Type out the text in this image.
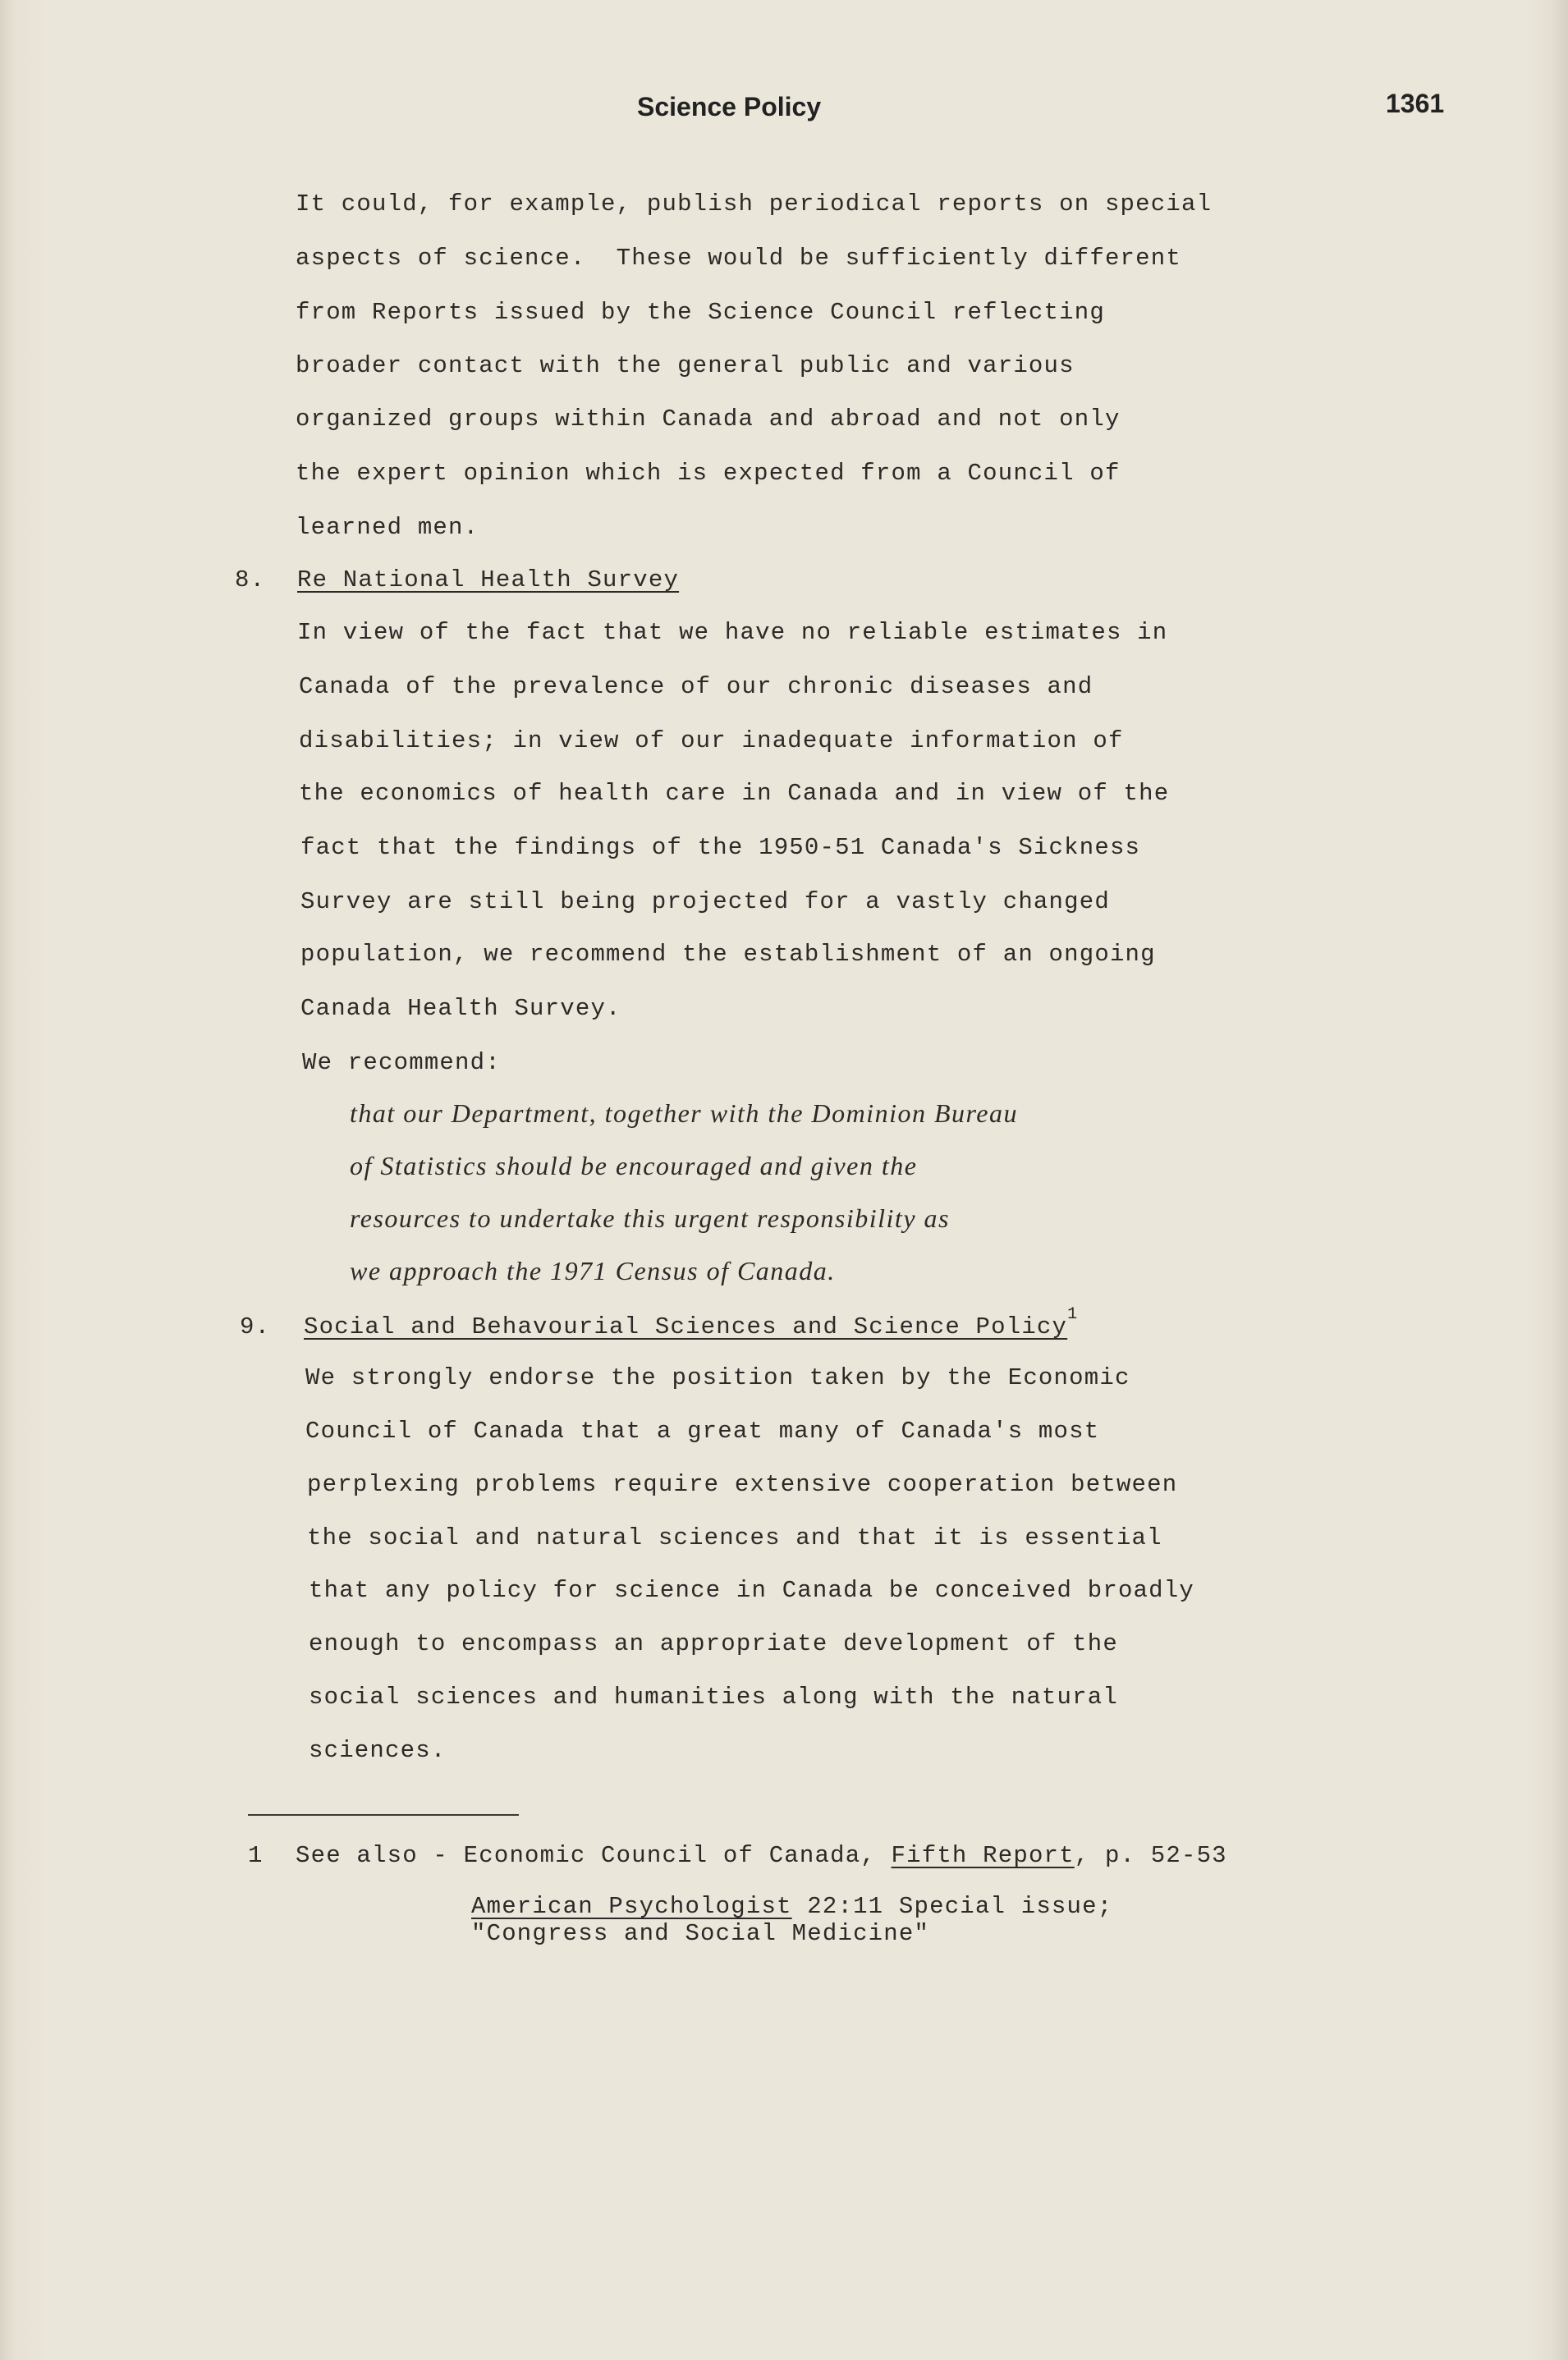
Science Policy	1361
It could, for example, publish periodical reports on special
aspects of science.  These would be sufficiently different
from Reports issued by the Science Council reflecting
broader contact with the general public and various
organized groups within Canada and abroad and not only
the expert opinion which is expected from a Council of
learned men.
8. Re National Health Survey
In view of the fact that we have no reliable estimates in
Canada of the prevalence of our chronic diseases and
disabilities; in view of our inadequate information of
the economics of health care in Canada and in view of the
fact that the findings of the 1950-51 Canada's Sickness
Survey are still being projected for a vastly changed
population, we recommend the establishment of an ongoing
Canada Health Survey.
We recommend:
that our Department, together with the Dominion Bureau
of Statistics should be encouraged and given the
resources to undertake this urgent responsibility as
we approach the 1971 Census of Canada.
9. Social and Behavourial Sciences and Science Policy$^1$
We strongly endorse the position taken by the Economic
Council of Canada that a great many of Canada's most
perplexing problems require extensive cooperation between
the social and natural sciences and that it is essential
that any policy for science in Canada be conceived broadly
enough to encompass an appropriate development of the
social sciences and humanities along with the natural
sciences.
1 See also - Economic Council of Canada, Fifth Report, p. 52-53
American Psychologist 22:11 Special issue;
"Congress and Social Medicine"
